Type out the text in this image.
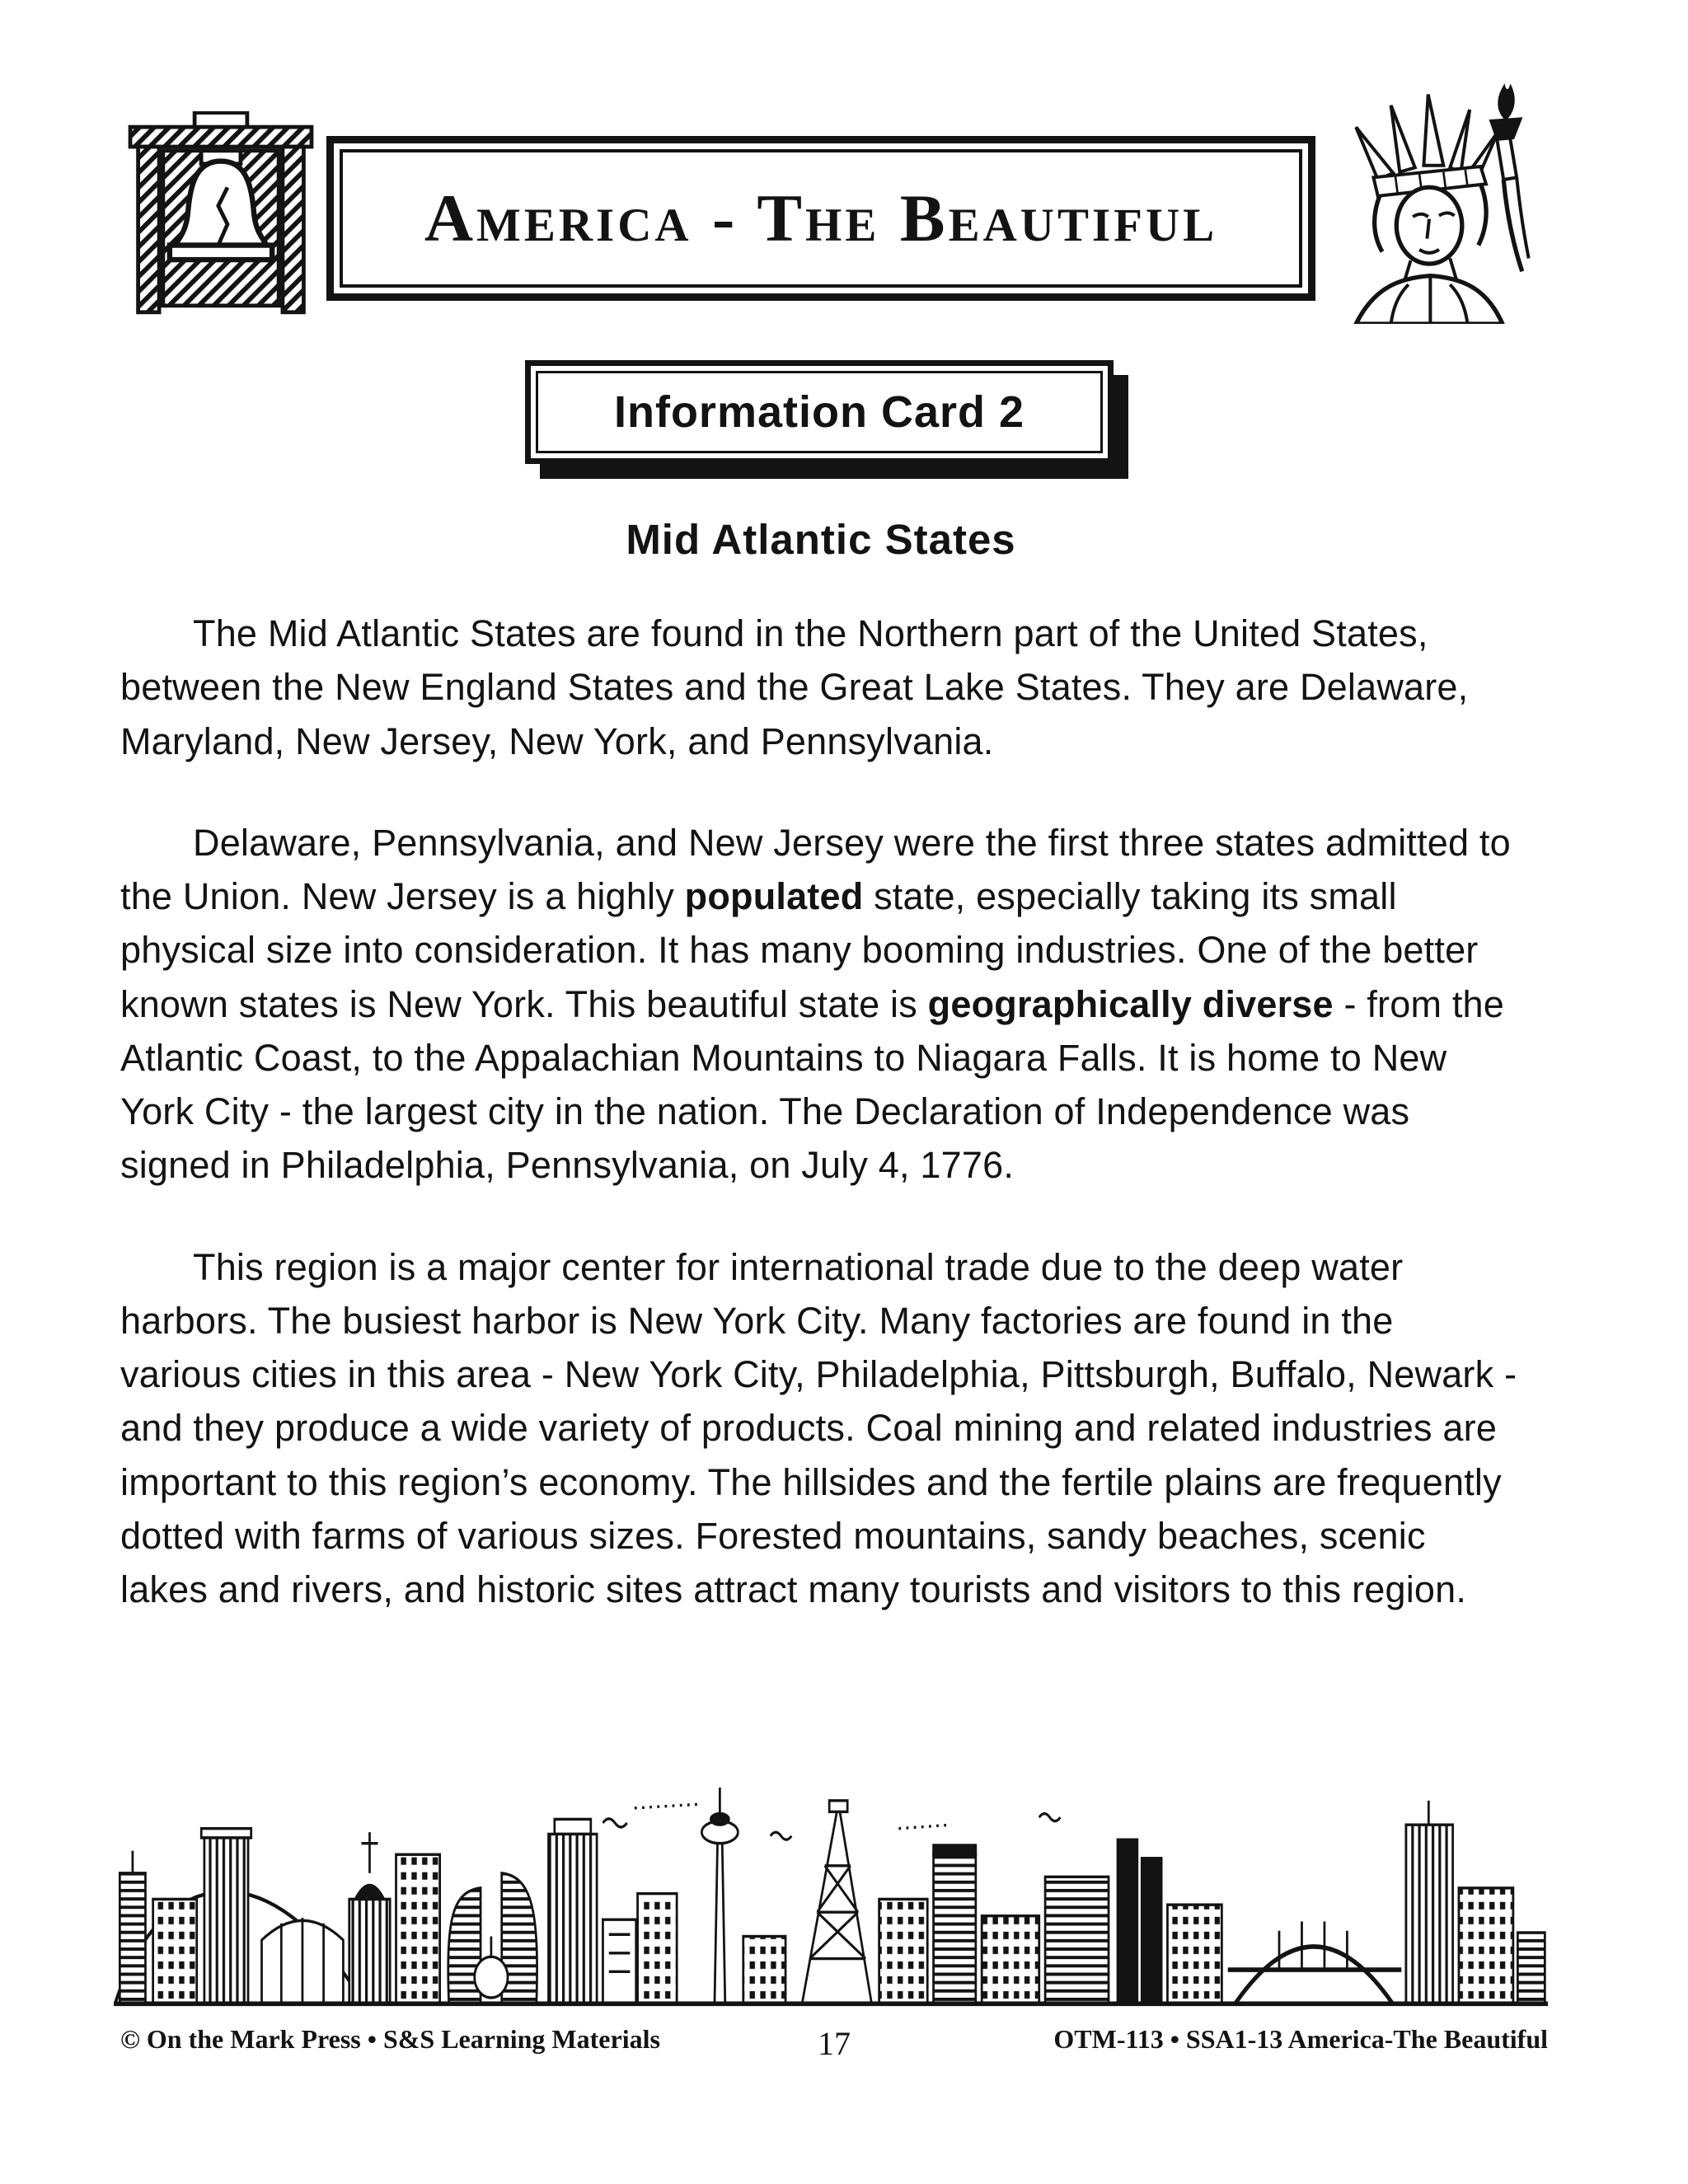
America - The Beautiful
Information Card 2
Mid Atlantic States

The Mid Atlantic States are found in the Northern part of the United States, between the New England States and the Great Lake States. They are Delaware, Maryland, New Jersey, New York, and Pennsylvania.

Delaware, Pennsylvania, and New Jersey were the first three states admitted to the Union. New Jersey is a highly populated state, especially taking its small physical size into consideration. It has many booming industries. One of the better known states is New York. This beautiful state is geographically diverse - from the Atlantic Coast, to the Appalachian Mountains to Niagara Falls. It is home to New York City - the largest city in the nation. The Declaration of Independence was signed in Philadelphia, Pennsylvania, on July 4, 1776.

This region is a major center for international trade due to the deep water harbors. The busiest harbor is New York City. Many factories are found in the various cities in this area - New York City, Philadelphia, Pittsburgh, Buffalo, Newark - and they produce a wide variety of products. Coal mining and related industries are important to this region’s economy. The hillsides and the fertile plains are frequently dotted with farms of various sizes. Forested mountains, sandy beaches, scenic lakes and rivers, and historic sites attract many tourists and visitors to this region.

© On the Mark Press • S&S Learning Materials	17	OTM-113 • SSA1-13 America-The Beautiful
